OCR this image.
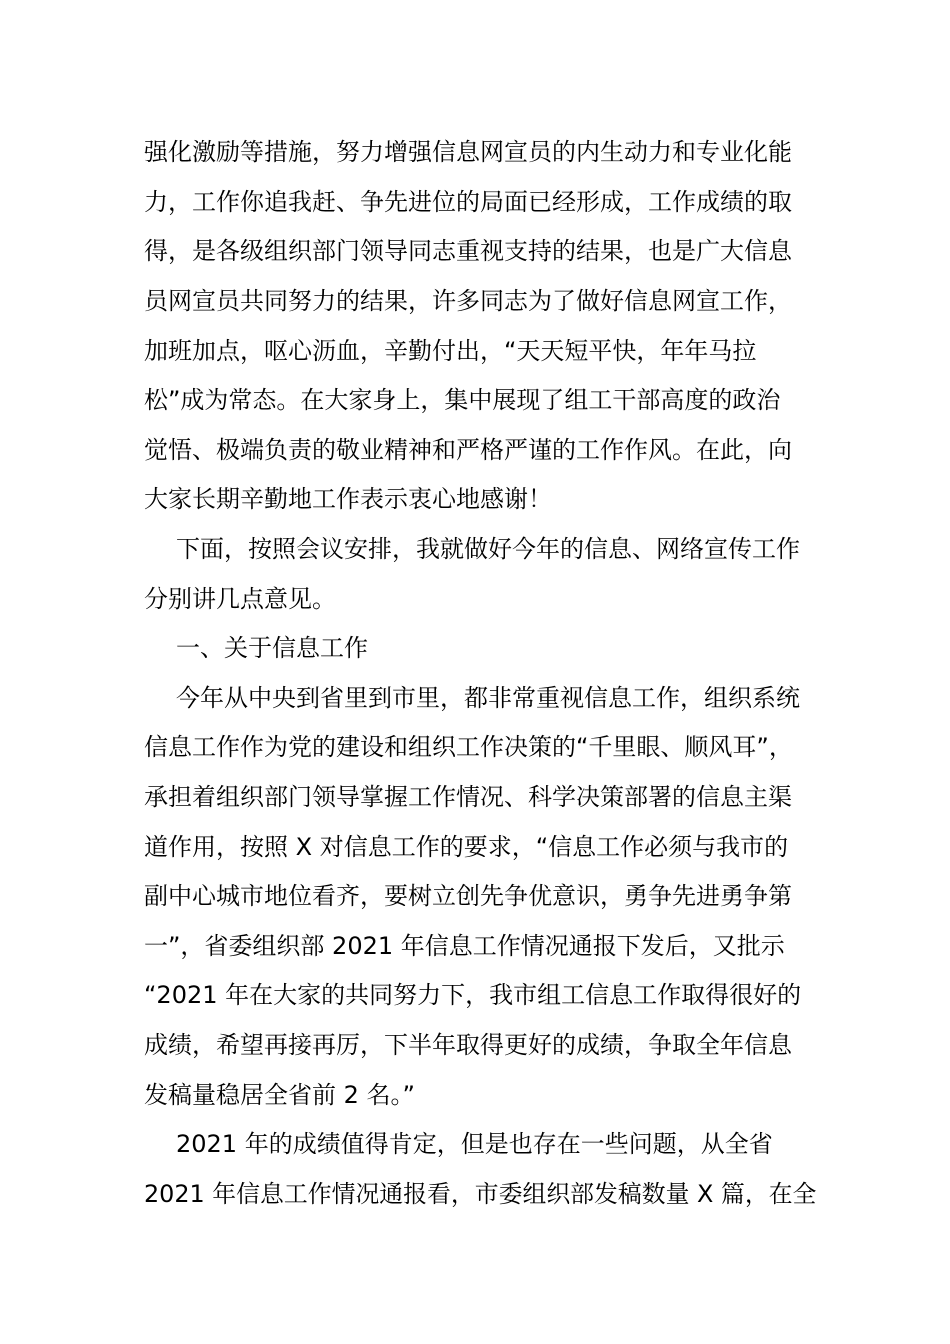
强化激励等措施，努力增强信息网宣员的内生动力和专业化能
力，工作你追我赶、争先进位的局面已经形成，工作成绩的取
得，是各级组织部门领导同志重视支持的结果，也是广大信息
员网宣员共同努力的结果，许多同志为了做好信息网宣工作，
加班加点，呕心沥血，辛勤付出，“天天短平快，年年马拉
松”成为常态。在大家身上，集中展现了组工干部高度的政治
觉悟、极端负责的敬业精神和严格严谨的工作作风。在此，向
大家长期辛勤地工作表示衷心地感谢！
下面，按照会议安排，我就做好今年的信息、网络宣传工作
分别讲几点意见。
一、关于信息工作
今年从中央到省里到市里，都非常重视信息工作，组织系统
信息工作作为党的建设和组织工作决策的“千里眼、顺风耳”，
承担着组织部门领导掌握工作情况、科学决策部署的信息主渠
道作用，按照 X 对信息工作的要求，“信息工作必须与我市的
副中心城市地位看齐，要树立创先争优意识，勇争先进勇争第
一”，省委组织部 2021 年信息工作情况通报下发后，又批示
“2021 年在大家的共同努力下，我市组工信息工作取得很好的
成绩，希望再接再厉，下半年取得更好的成绩，争取全年信息
发稿量稳居全省前 2 名。”
2021 年的成绩值得肯定，但是也存在一些问题，从全省
2021 年信息工作情况通报看，市委组织部发稿数量 X 篇，在全
